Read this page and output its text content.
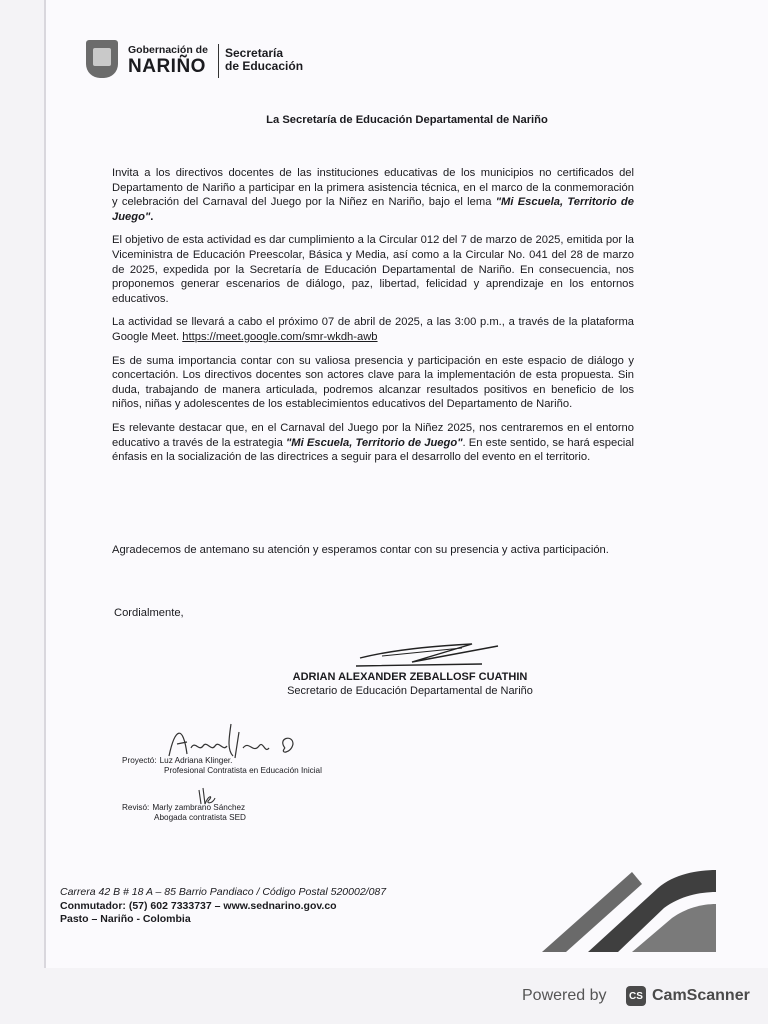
Gobernación de
NARIÑO
Secretaría
de Educación
La Secretaría de Educación Departamental de Nariño

Invita a los directivos docentes de las instituciones educativas de los municipios no certificados del Departamento de Nariño a participar en la primera asistencia técnica, en el marco de la conmemoración y celebración del Carnaval del Juego por la Niñez en Nariño, bajo el lema "Mi Escuela, Territorio de Juego".

El objetivo de esta actividad es dar cumplimiento a la Circular 012 del 7 de marzo de 2025, emitida por la Viceministra de Educación Preescolar, Básica y Media, así como a la Circular No. 041 del 28 de marzo de 2025, expedida por la Secretaría de Educación Departamental de Nariño. En consecuencia, nos proponemos generar escenarios de diálogo, paz, libertad, felicidad y aprendizaje en los entornos educativos.

La actividad se llevará a cabo el próximo 07 de abril de 2025, a las 3:00 p.m., a través de la plataforma Google Meet. https://meet.google.com/smr-wkdh-awb

Es de suma importancia contar con su valiosa presencia y participación en este espacio de diálogo y concertación. Los directivos docentes son actores clave para la implementación de esta propuesta. Sin duda, trabajando de manera articulada, podremos alcanzar resultados positivos en beneficio de los niños, niñas y adolescentes de los establecimientos educativos del Departamento de Nariño.

Es relevante destacar que, en el Carnaval del Juego por la Niñez 2025, nos centraremos en el entorno educativo a través de la estrategia "Mi Escuela, Territorio de Juego". En este sentido, se hará especial énfasis en la socialización de las directrices a seguir para el desarrollo del evento en el territorio.

Agradecemos de antemano su atención y esperamos contar con su presencia y activa participación.
Cordialmente,
ADRIAN ALEXANDER ZEBALLOSF CUATHIN
Secretario de Educación Departamental de Nariño
Proyectó: Luz Adriana Klinger.
Profesional Contratista en Educación Inicial
Revisó: Marly zambrano Sánchez
Abogada contratista SED
Carrera 42 B # 18 A – 85 Barrio Pandiaco / Código Postal 520002/087
Conmutador: (57) 602 7333737 – www.sednarino.gov.co
Pasto – Nariño - Colombia
Powered by	CS CamScanner
